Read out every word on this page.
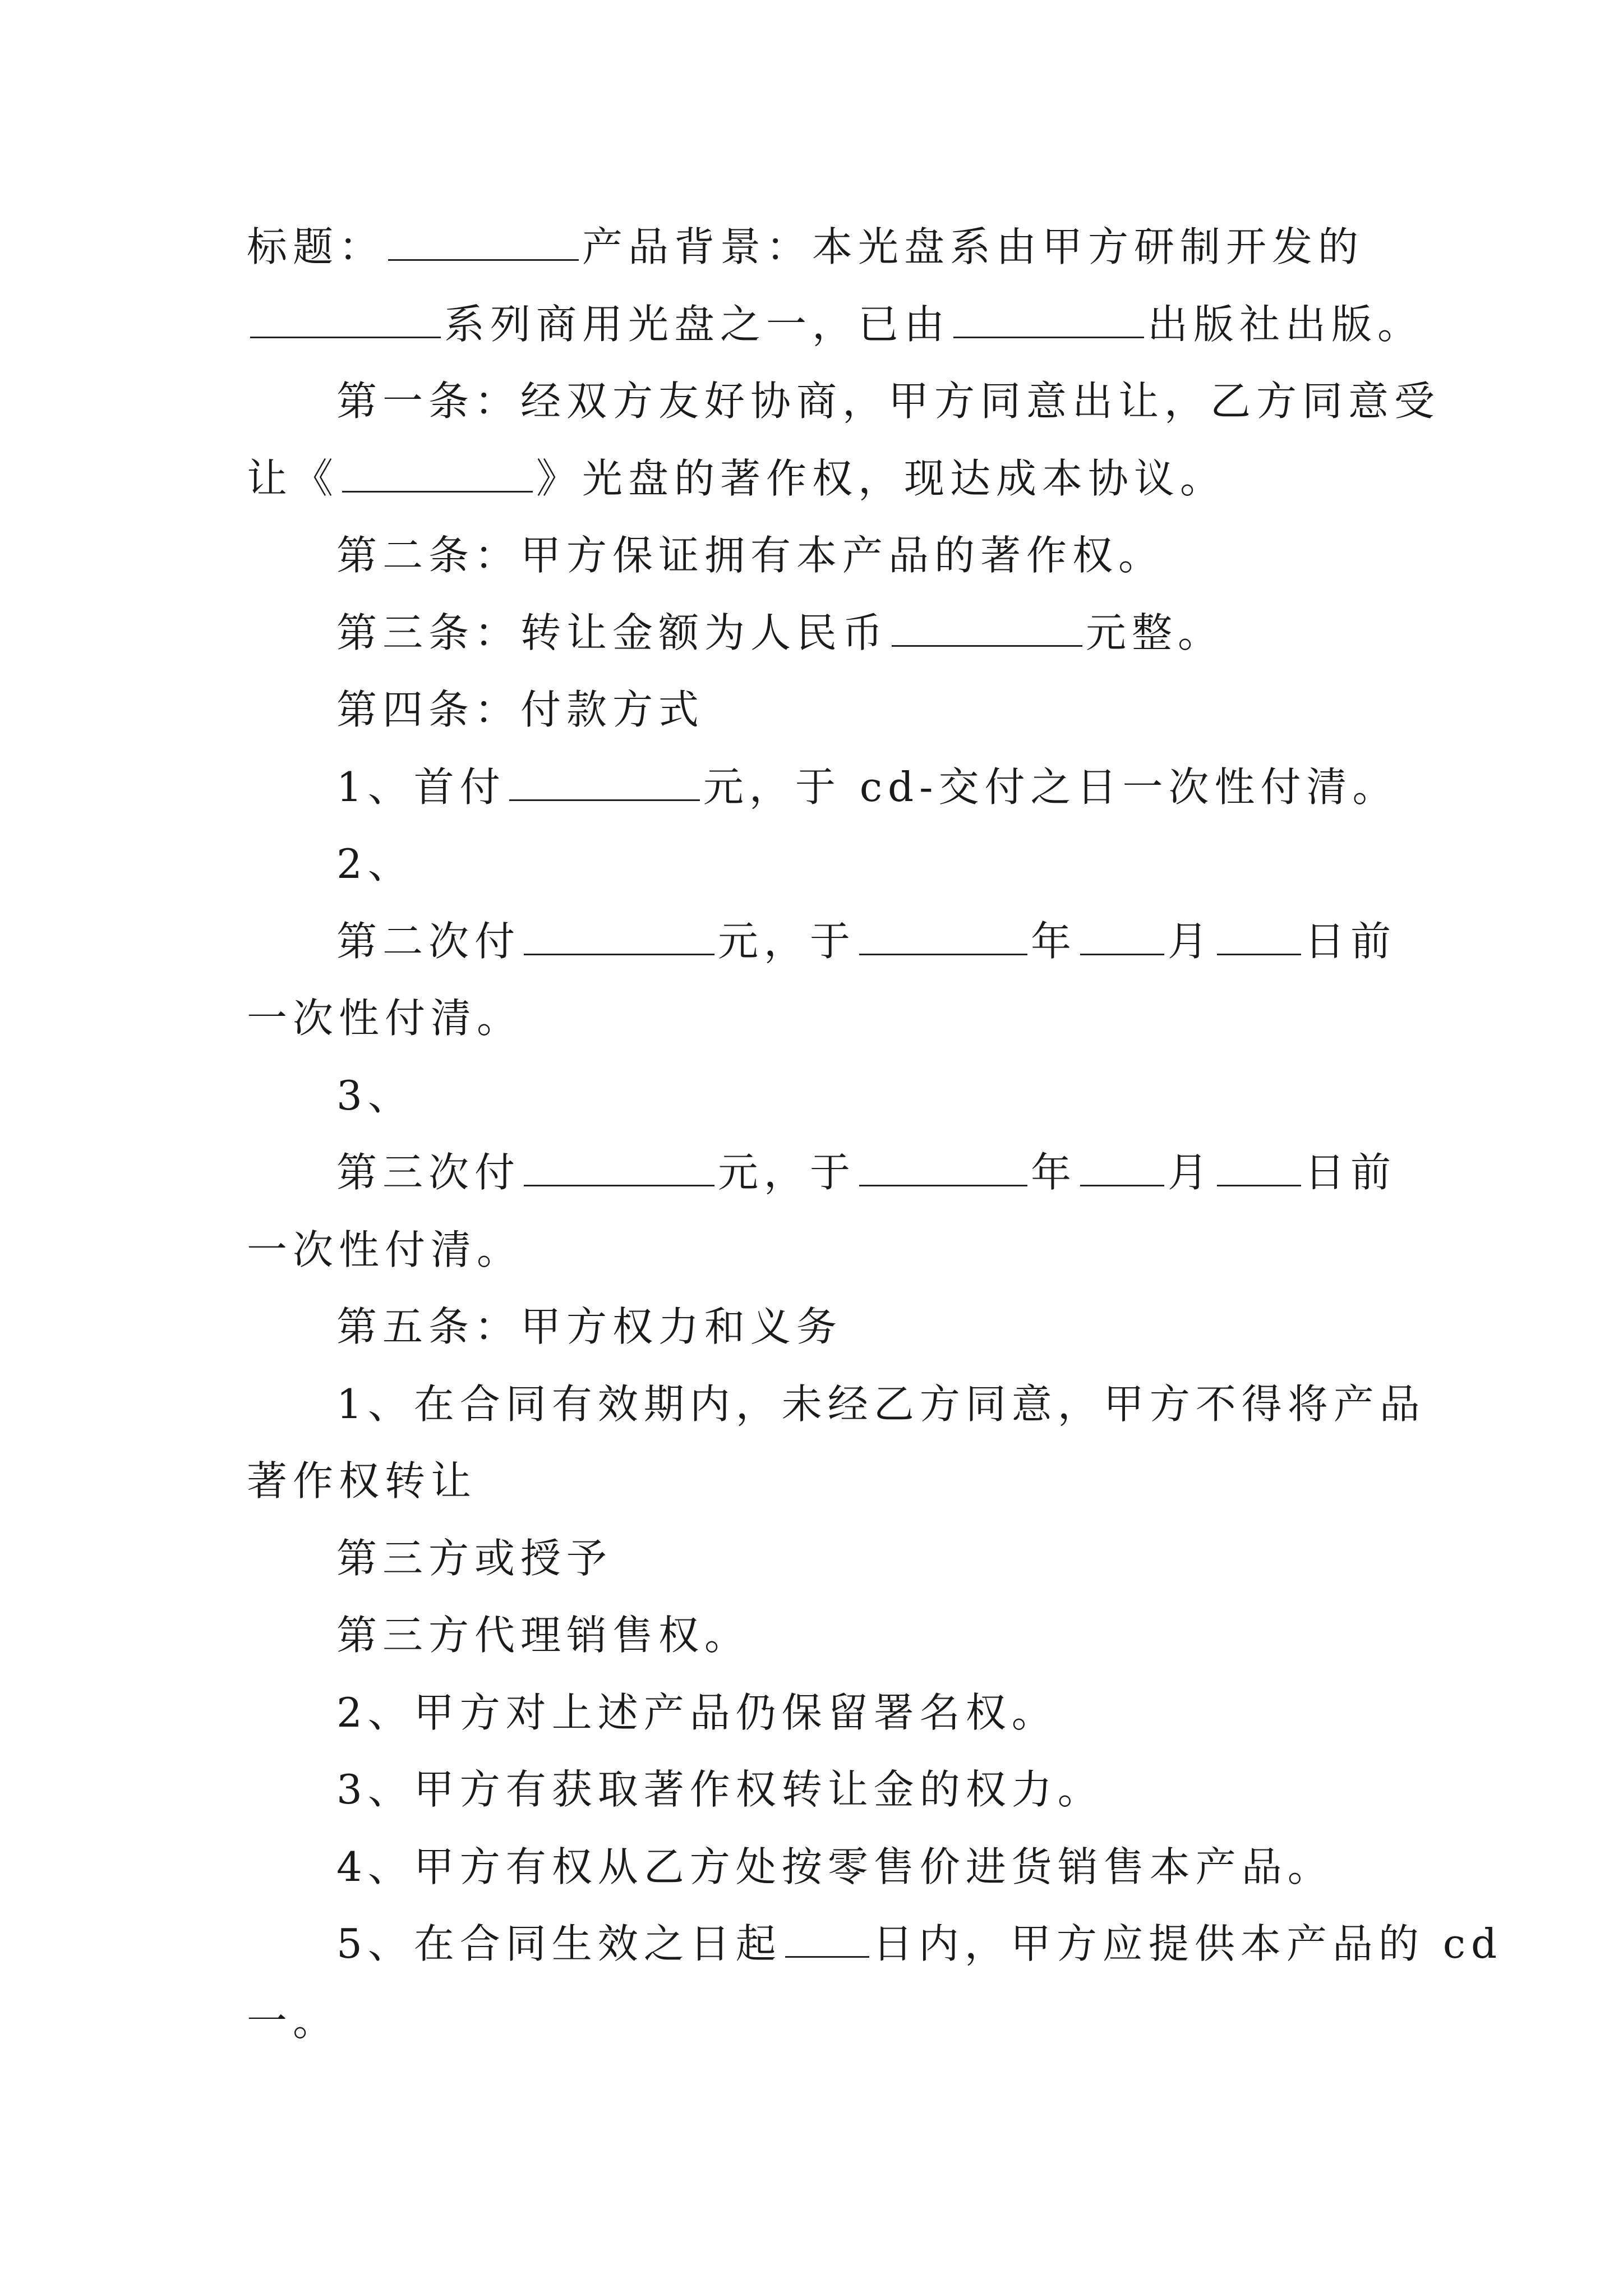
标题：	产品背景：本光盘系由甲方研制开发的
系列商用光盘之一，已由	出版社出版。
第一条：经双方友好协商，甲方同意出让，乙方同意受
让《	》光盘的著作权，现达成本协议。
第二条：甲方保证拥有本产品的著作权。
第三条：转让金额为人民币	元整。
第四条：付款方式
1、首付	元，于 cd-交付之日一次性付清。
2、
第二次付	元，于	年 月 日前
一次性付清。
3、
第三次付	元，于	年 月 日前
一次性付清。
第五条：甲方权力和义务
1、在合同有效期内，未经乙方同意，甲方不得将产品
著作权转让
第三方或授予
第三方代理销售权。
2、甲方对上述产品仍保留署名权。
3、甲方有获取著作权转让金的权力。
4、甲方有权从乙方处按零售价进货销售本产品。
5、在合同生效之日起 日内，甲方应提供本产品的 cd
一。
